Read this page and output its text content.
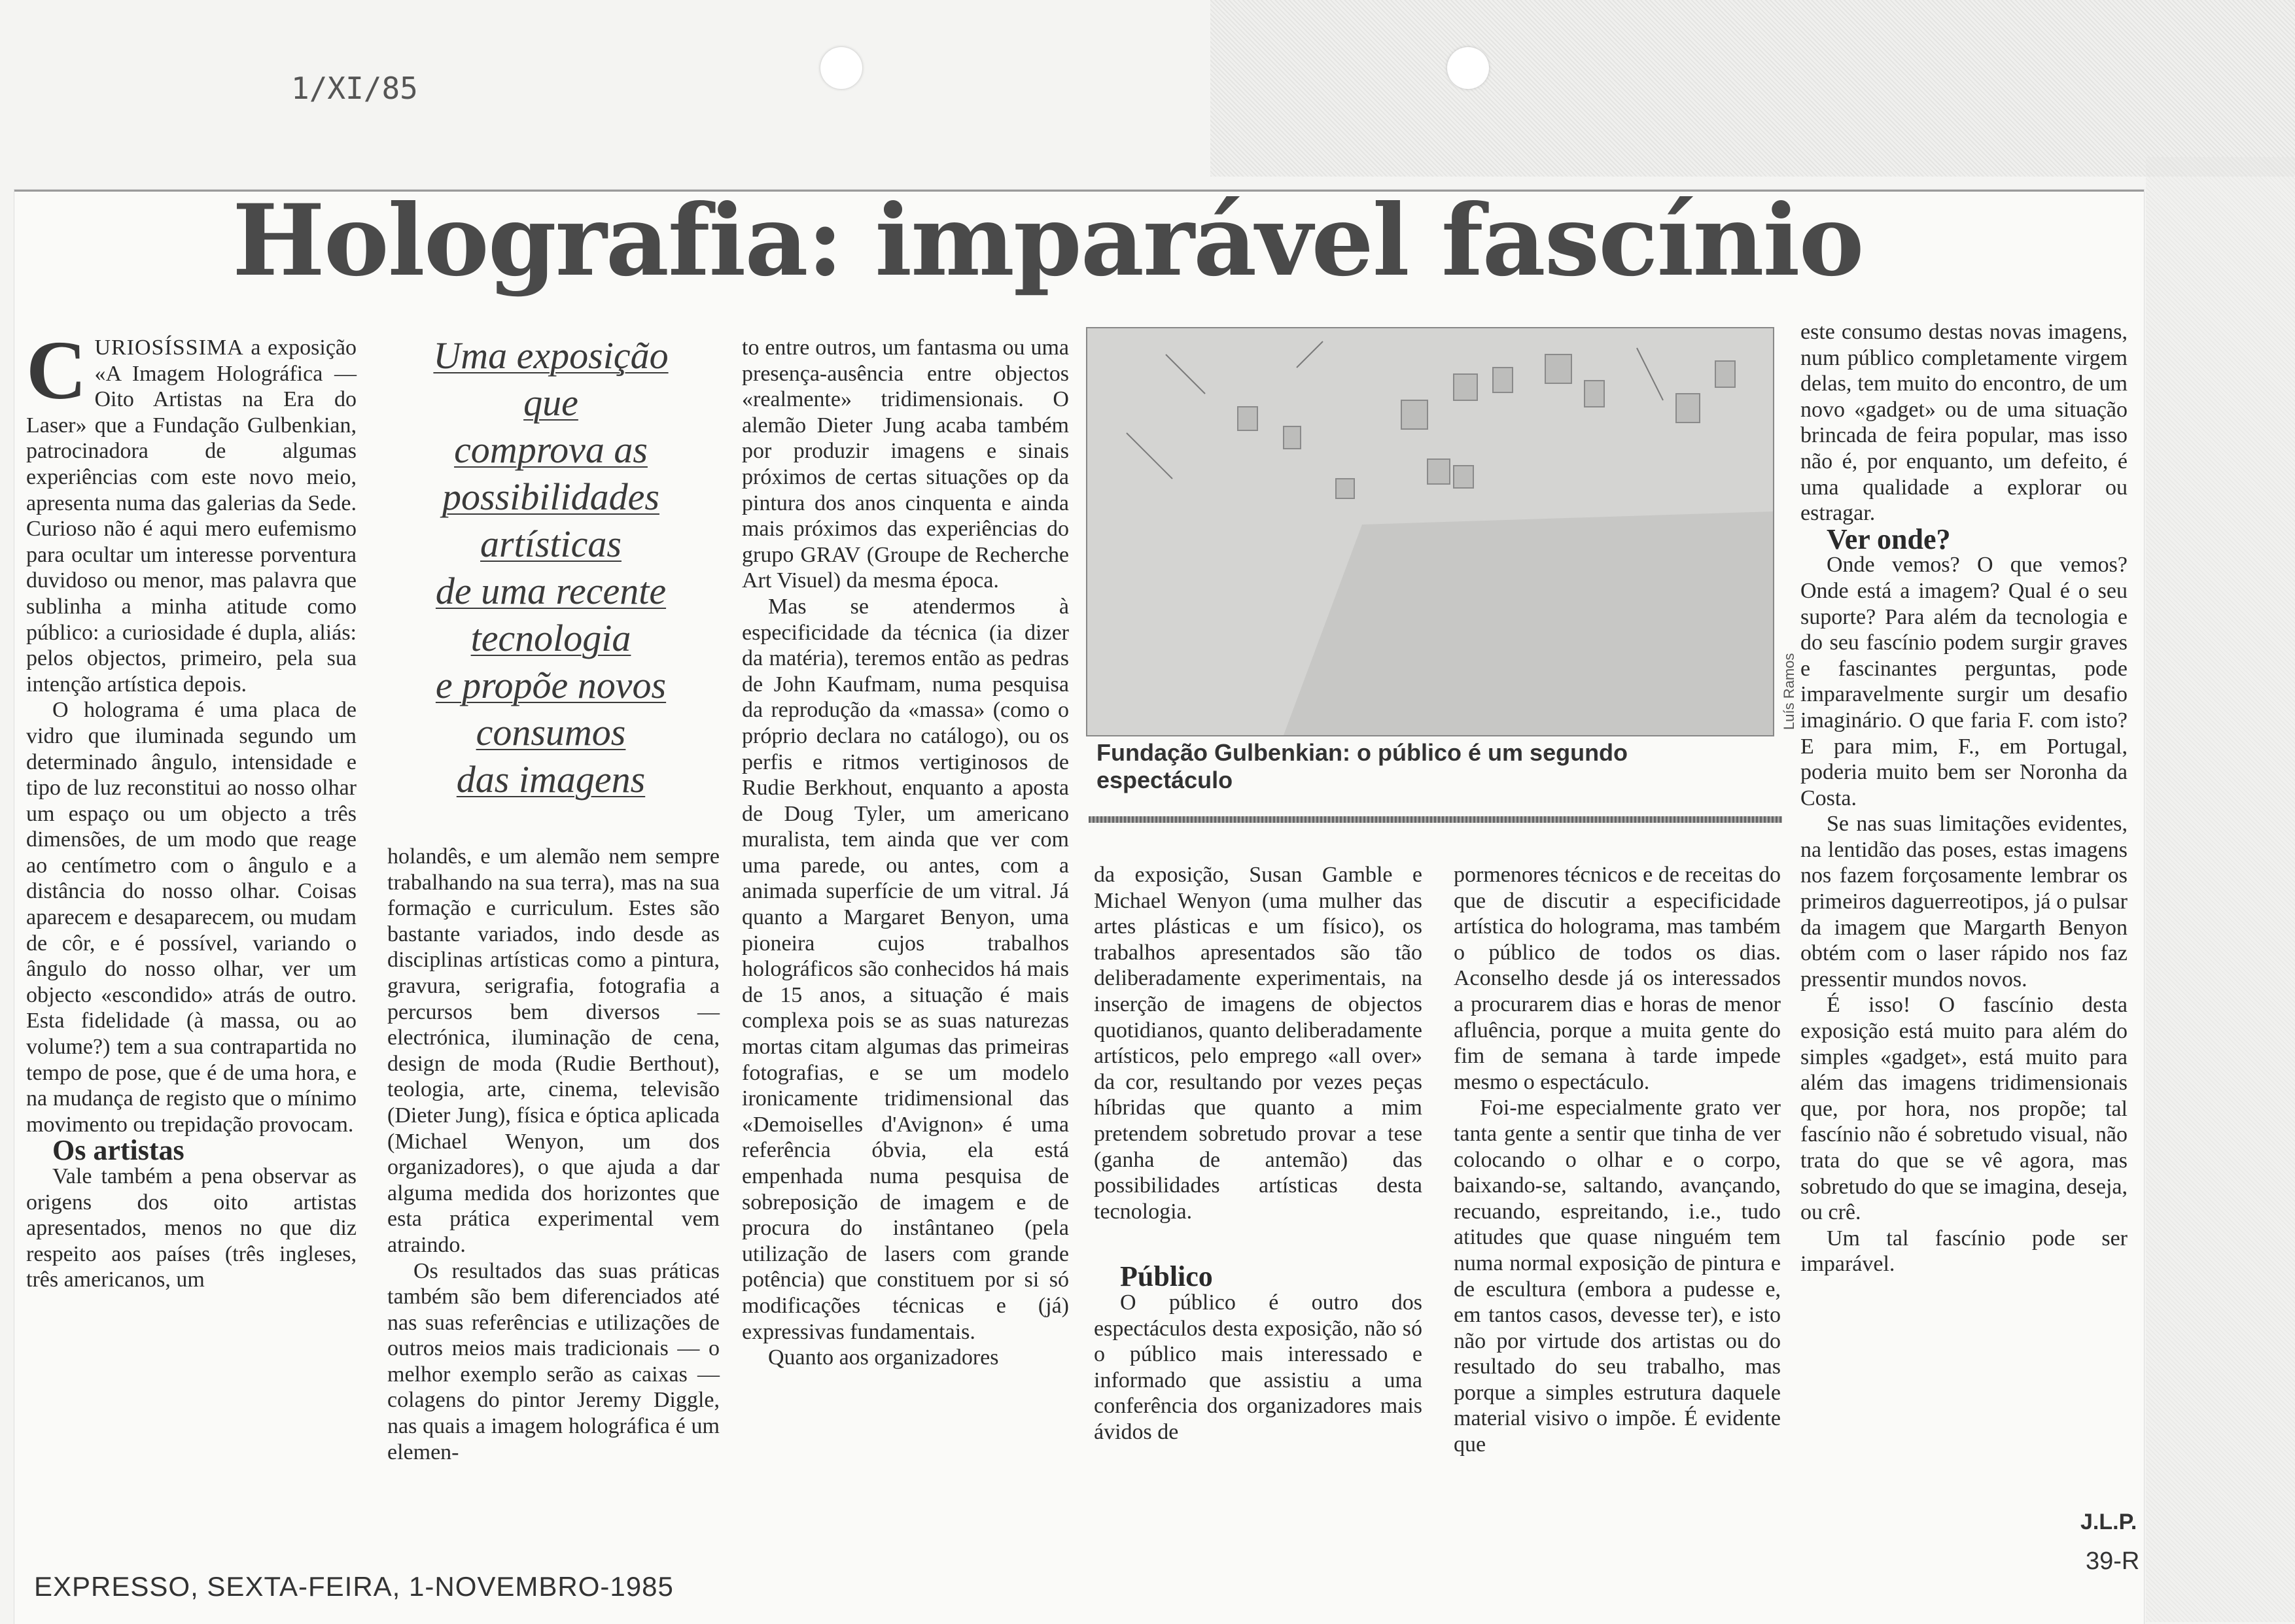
1/XI/85
Holografia: imparável fascínio

CURIOSÍSSIMA a exposição «A Imagem Holográfica — Oito Artistas na Era do Laser» que a Fundação Gulbenkian, patrocinadora de algumas experiências com este novo meio, apresenta numa das galerias da Sede. Curioso não é aqui mero eufemismo para ocultar um interesse porventura duvidoso ou menor, mas palavra que sublinha a minha atitude como público: a curiosidade é dupla, aliás: pelos objectos, primeiro, pela sua intenção artística depois.

O holograma é uma placa de vidro que iluminada segundo um determinado ângulo, intensidade e tipo de luz reconstitui ao nosso olhar um espaço ou um objecto a três dimensões, de um modo que reage ao centímetro com o ângulo e a distância do nosso olhar. Coisas aparecem e desaparecem, ou mudam de côr, e é possível, variando o ângulo do nosso olhar, ver um objecto «escondido» atrás de outro. Esta fidelidade (à massa, ou ao volume?) tem a sua contrapartida no tempo de pose, que é de uma hora, e na mudança de registo que o mínimo movimento ou trepidação provocam.

Os artistas

Vale também a pena observar as origens dos oito artistas apresentados, menos no que diz respeito aos países (três ingleses, três americanos, um

Uma exposição
que
comprova as
possibilidades
artísticas
de uma recente
tecnologia
e propõe novos
consumos
das imagens

holandês, e um alemão nem sempre trabalhando na sua terra), mas na sua formação e curriculum. Estes são bastante variados, indo desde as disciplinas artísticas como a pintura, gravura, serigrafia, fotografia a percursos bem diversos — electrónica, iluminação de cena, design de moda (Rudie Berthout), teologia, arte, cinema, televisão (Dieter Jung), física e óptica aplicada (Michael Wenyon, um dos organizadores), o que ajuda a dar alguma medida dos horizontes que esta prática experimental vem atraindo.

Os resultados das suas práticas também são bem diferenciados até nas suas referências e utilizações de outros meios mais tradicionais — o melhor exemplo serão as caixas — colagens do pintor Jeremy Diggle, nas quais a imagem holográfica é um elemen-

to entre outros, um fantasma ou uma presença-ausência entre objectos «realmente» tridimensionais. O alemão Dieter Jung acaba também por produzir imagens e sinais próximos de certas situações op da pintura dos anos cinquenta e ainda mais próximos das experiências do grupo GRAV (Groupe de Recherche Art Visuel) da mesma época.

Mas se atendermos à especificidade da técnica (ia dizer da matéria), teremos então as pedras de John Kaufmam, numa pesquisa da reprodução da «massa» (como o próprio declara no catálogo), ou os perfis e ritmos vertiginosos de Rudie Berkhout, enquanto a aposta de Doug Tyler, um americano muralista, tem ainda que ver com uma parede, ou antes, com a animada superfície de um vitral. Já quanto a Margaret Benyon, uma pioneira cujos trabalhos holográficos são conhecidos há mais de 15 anos, a situação é mais complexa pois se as suas naturezas mortas citam algumas das primeiras fotografias, e se um modelo ironicamente tridimensional das «Demoiselles d'Avignon» é uma referência óbvia, ela está empenhada numa pesquisa de sobreposição de imagem e de procura do instântaneo (pela utilização de lasers com grande potência) que constituem por si só modificações técnicas e (já) expressivas fundamentais.

Quanto aos organizadores

Luís Ramos
Fundação Gulbenkian: o público é um segundo espectáculo

da exposição, Susan Gamble e Michael Wenyon (uma mulher das artes plásticas e um físico), os trabalhos apresentados são tão deliberadamente experimentais, na inserção de imagens de objectos quotidianos, quanto deliberadamente artísticos, pelo emprego «all over» da cor, resultando por vezes peças híbridas que quanto a mim pretendem sobretudo provar a tese (ganha de antemão) das possibilidades artísticas desta tecnologia.

Público

O público é outro dos espectáculos desta exposição, não só o público mais interessado e informado que assistiu a uma conferência dos organizadores mais ávidos de

pormenores técnicos e de receitas do que de discutir a especificidade artística do holograma, mas também o público de todos os dias. Aconselho desde já os interessados a procurarem dias e horas de menor afluência, porque a muita gente do fim de semana à tarde impede mesmo o espectáculo.

Foi-me especialmente grato ver tanta gente a sentir que tinha de ver colocando o olhar e o corpo, baixando-se, saltando, avançando, recuando, espreitando, i.e., tudo atitudes que quase ninguém tem numa normal exposição de pintura e de escultura (embora a pudesse e, em tantos casos, devesse ter), e isto não por virtude dos artistas ou do resultado do seu trabalho, mas porque a simples estrutura daquele material visivo o impõe. É evidente que

este consumo destas novas imagens, num público completamente virgem delas, tem muito do encontro, de um novo «gadget» ou de uma situação brincada de feira popular, mas isso não é, por enquanto, um defeito, é uma qualidade a explorar ou estragar.

Ver onde?

Onde vemos? O que vemos? Onde está a imagem? Qual é o seu suporte? Para além da tecnologia e do seu fascínio podem surgir graves e fascinantes perguntas, pode imparavelmente surgir um desafio imaginário. O que faria F. com isto? E para mim, F., em Portugal, poderia muito bem ser Noronha da Costa.

Se nas suas limitações evidentes, na lentidão das poses, estas imagens nos fazem forçosamente lembrar os primeiros daguerreotipos, já o pulsar da imagem que Margarth Benyon obtém com o laser rápido nos faz pressentir mundos novos.

É isso! O fascínio desta exposição está muito para além do simples «gadget», está muito para além das imagens tridimensionais que, por hora, nos propõe; tal fascínio não é sobretudo visual, não trata do que se vê agora, mas sobretudo do que se imagina, deseja, ou crê.

Um tal fascínio pode ser imparável.

J.L.P.
EXPRESSO, SEXTA-FEIRA, 1-NOVEMBRO-1985
39-R
